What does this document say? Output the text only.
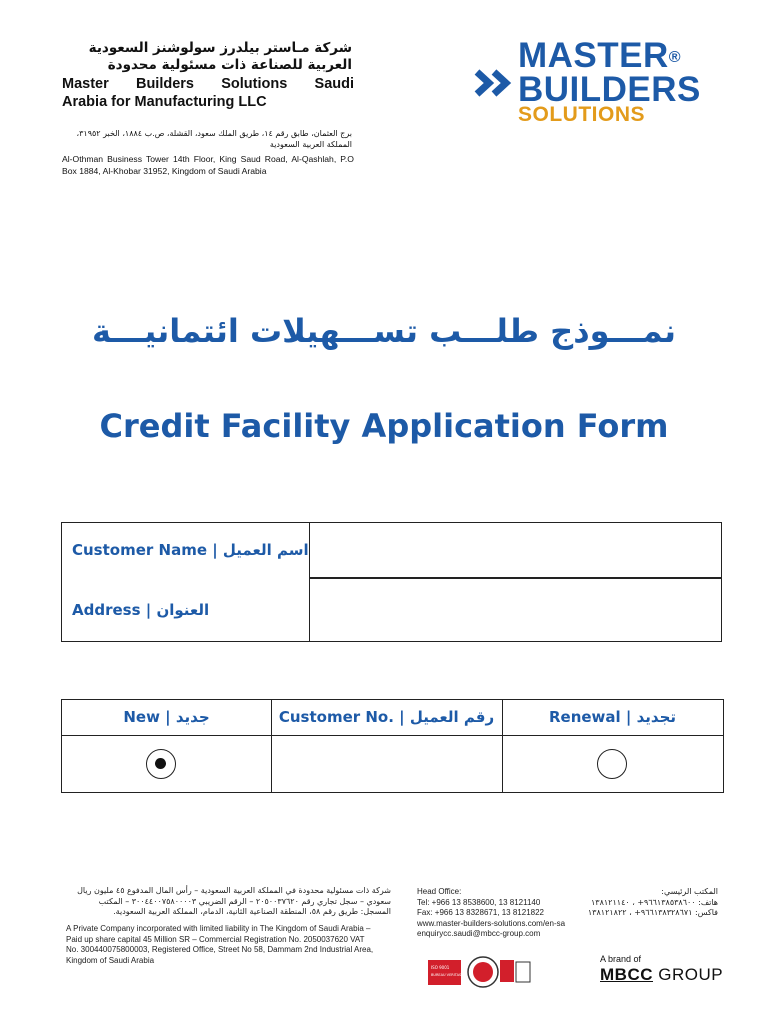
شركة مـاستر بيلدرز سولوشنز السعودية العربية للصناعة ذات مسئولية محدودة
Master Builders Solutions Saudi
Arabia for Manufacturing LLC
برج العثمان، طابق رقم ١٤، طريق الملك سعود، القشلة، ص.ب ١٨٨٤، الخبر ٣١٩٥٢، المملكة العربية السعودية
Al-Othman Business Tower 14th Floor, King Saud Road, Al-Qashlah, P.O Box 1884, Al-Khobar 31952, Kingdom of Saudi Arabia
MASTER®
BUILDERS
SOLUTIONS
نمـــوذج طلـــب تســـهيلات ائتمانيـــة
Credit Facility Application Form
Customer Name | اسم العميل
Address | العنوان
New | جديد	Customer No. | رقم العميل	Renewal | تجديد
شركة ذات مسئولية محدودة في المملكة العربية السعودية – رأس المال المدفوع ٤٥ مليون ريال سعودي – سجل تجاري رقم ٢٠٥٠٠٣٧٦٢٠ – الرقم الضريبي ٣٠٠٤٤٠٠٧٥٨٠٠٠٠٣ – المكتب المسجل: طريق رقم ٥٨، المنطقة الصناعية الثانية، الدمام، المملكة العربية السعودية.
A Private Company incorporated with limited liability in The Kingdom of Saudi Arabia –
Paid up share capital 45 Million SR – Commercial Registration No. 2050037620 VAT
No. 300440075800003, Registered Office, Street No 58, Dammam 2nd Industrial Area,
Kingdom of Saudi Arabia
Head Office:
Tel: +966 13 8538600, 13 8121140
Fax: +966 13 8328671, 13 8121822
www.master-builders-solutions.com/en-sa
enquirycc.saudi@mbcc-group.com
المكتب الرئيسي:
هاتف: ٩٦٦١٣٨٥٣٨٦٠٠+ ، ١٣٨١٢١١٤٠
فاكس: ٩٦٦١٣٨٣٢٨٦٧١+ ، ١٣٨١٢١٨٢٢
ISO 9001
BUREAU VERITAS
A brand of
MBCC GROUP
